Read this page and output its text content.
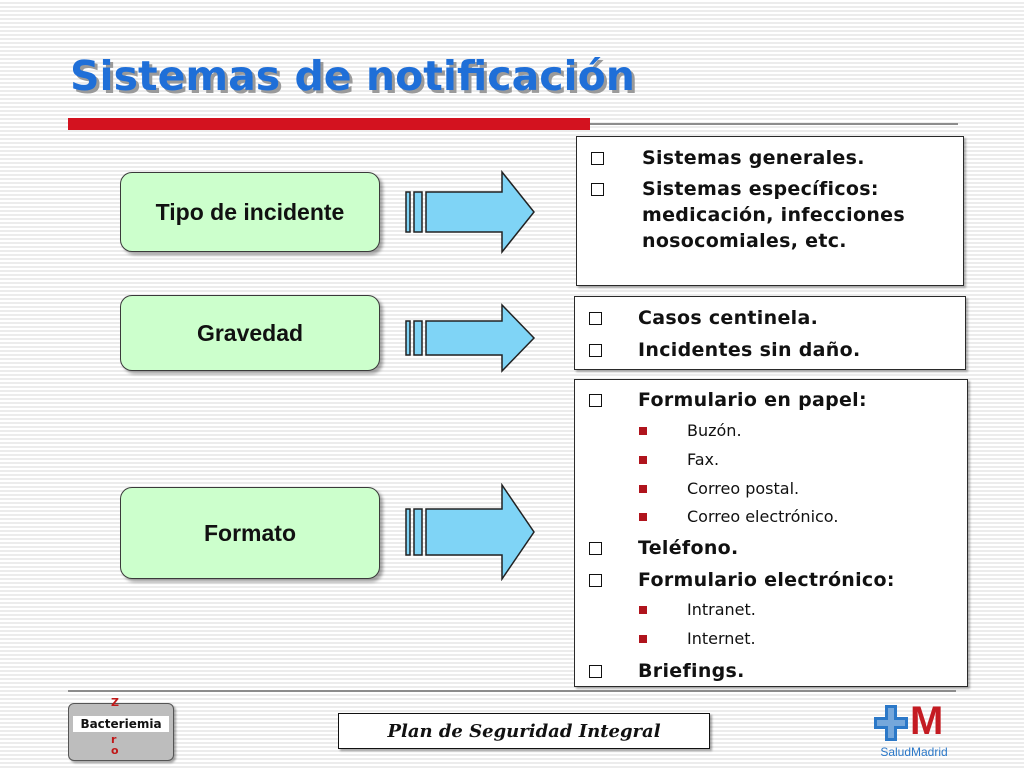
Sistemas de notificación
Tipo de incidente
Gravedad
Formato
Sistemas generales.
Sistemas específicos:
medicación, infecciones
nosocomiales, etc.
Casos centinela.
Incidentes sin daño.
Formulario en papel:
Buzón.
Fax.
Correo postal.
Correo electrónico.
Teléfono.
Formulario electrónico:
Intranet.
Internet.
Briefings.
Z
Bacteriemia
r
o
Plan de Seguridad Integral	M
SaludMadrid
